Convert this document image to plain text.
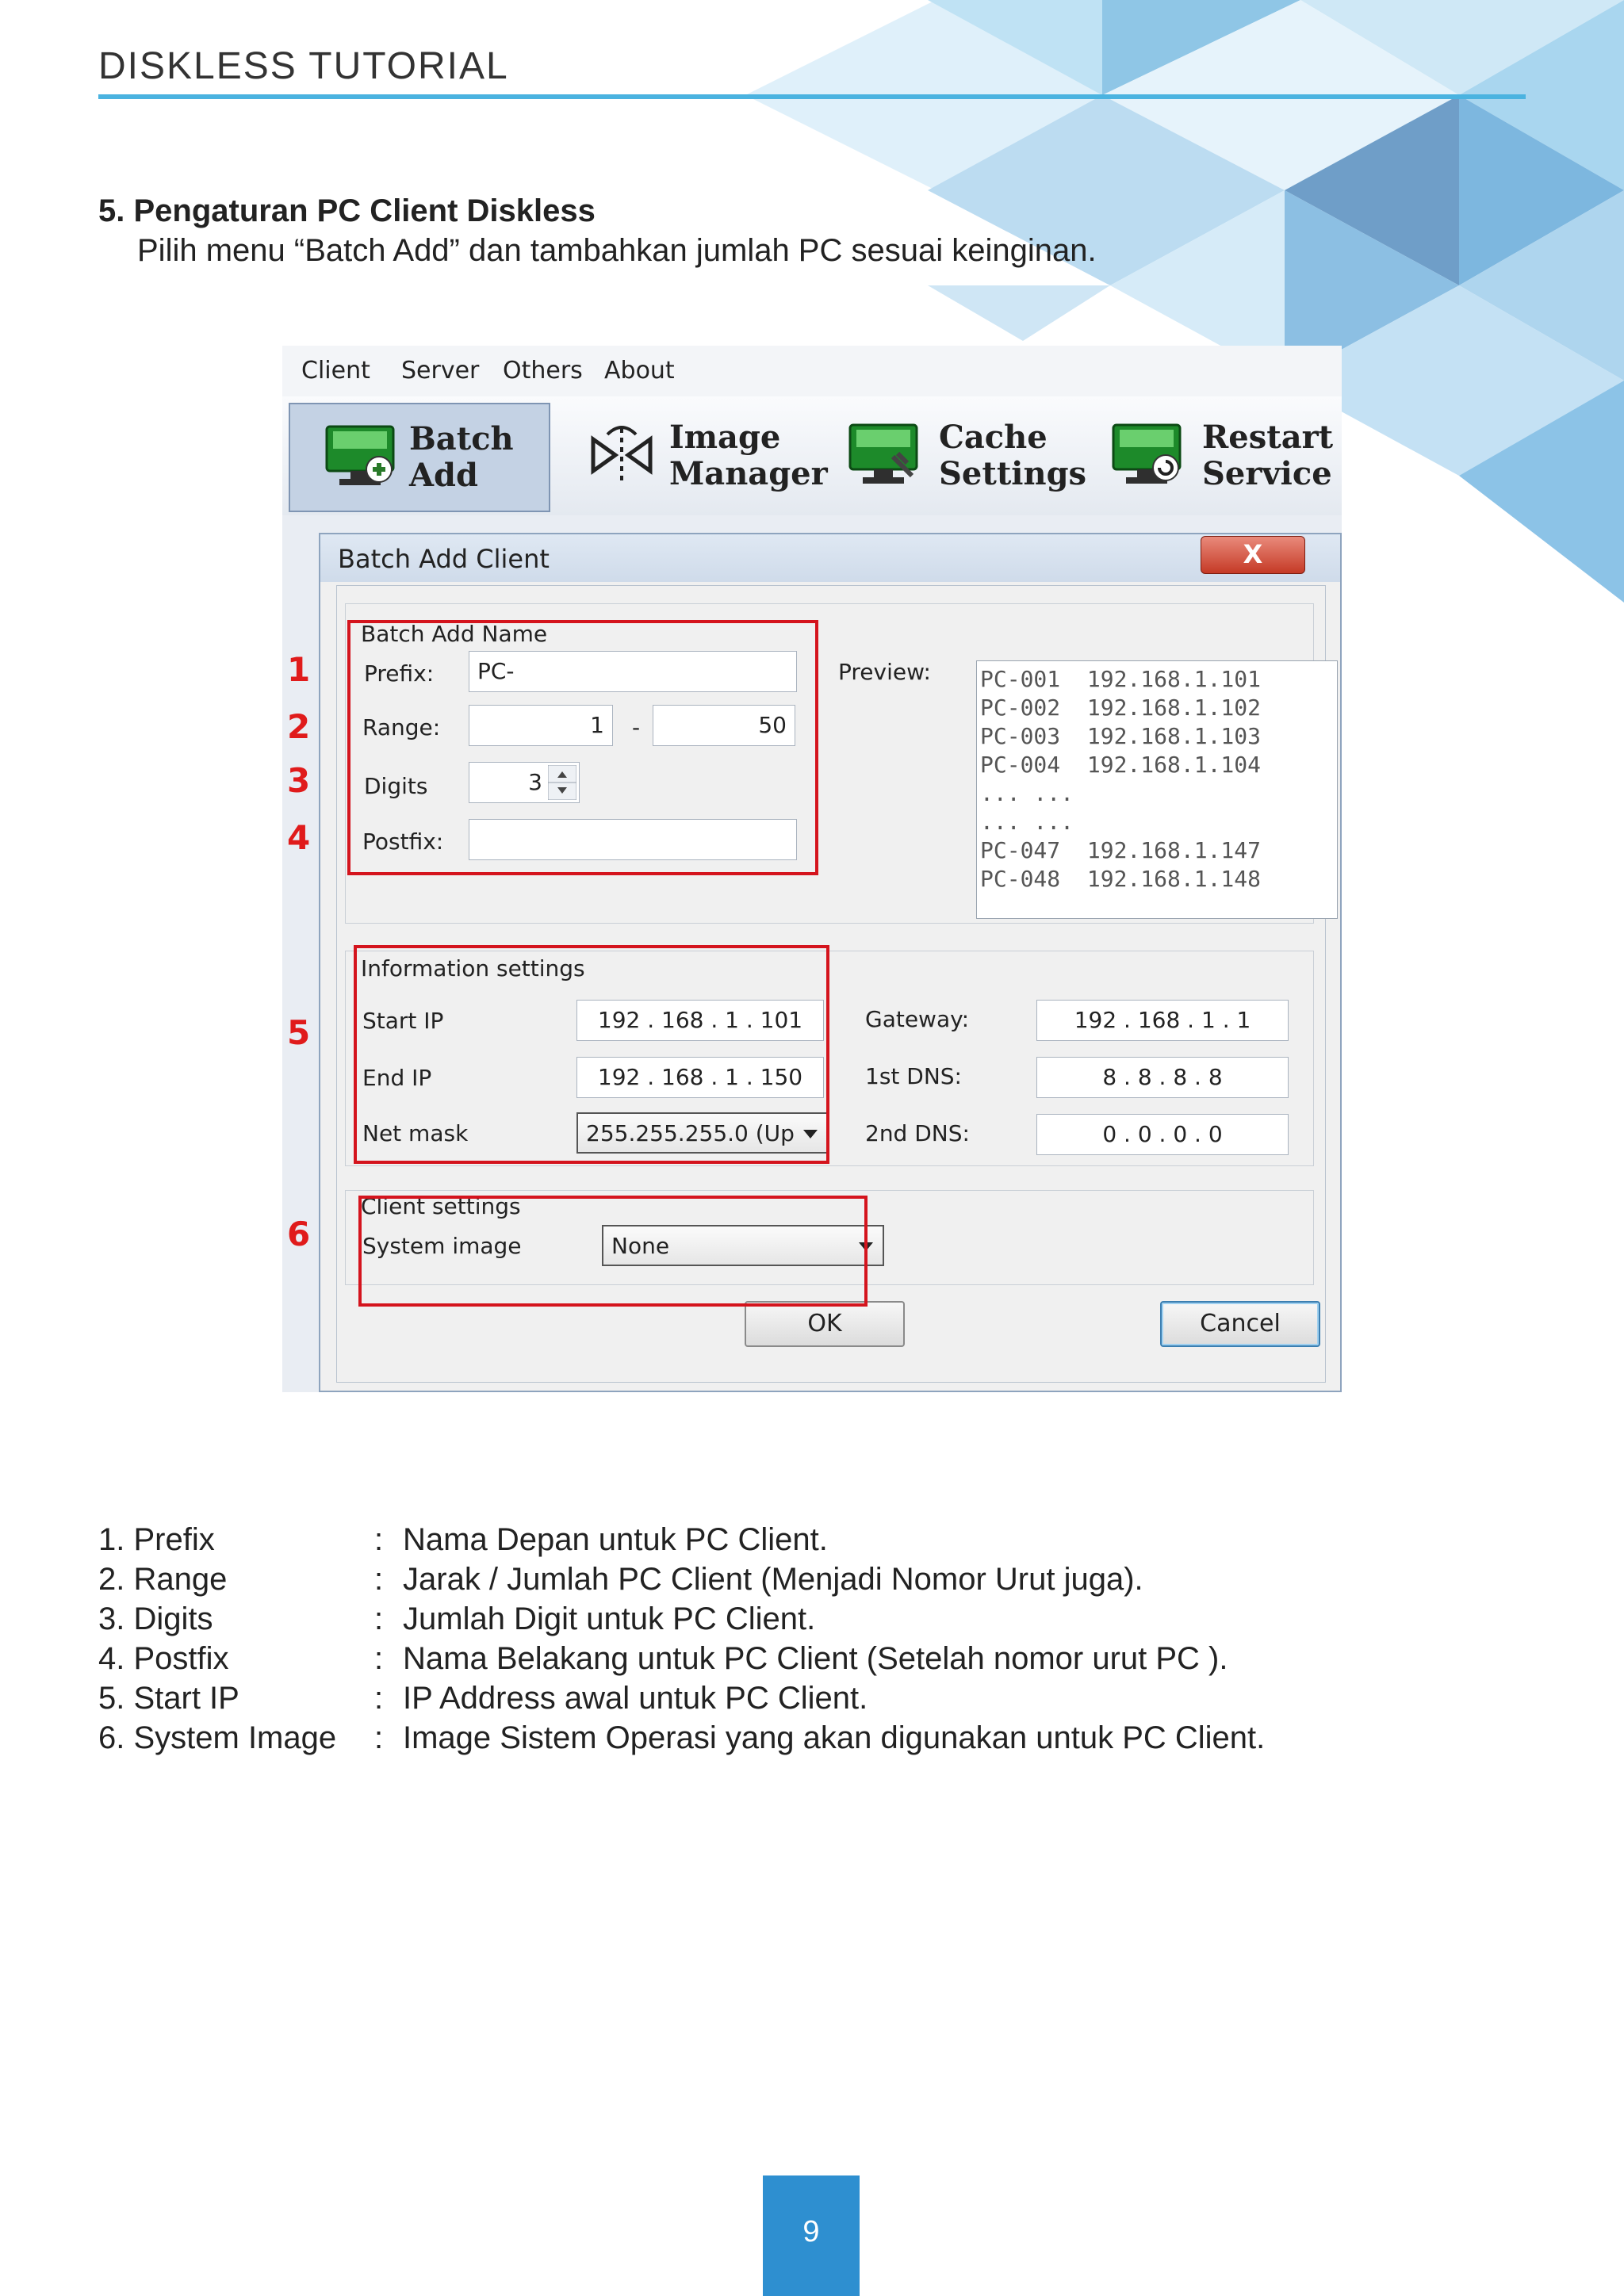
DISKLESS TUTORIAL
5. Pengaturan PC Client Diskless
Pilih menu “Batch Add” dan tambahkan jumlah PC sesuai keinginan.
Client Server Others About
Batch
Add
Image
Manager
Cache
Settings
Restart
Service
1
2
3
4
5
6
Batch Add Client	X
Batch Add Name
Prefix:	PC-
Range:	1	-	50
Digits	3
Postfix:
Preview: PC-001  192.168.1.101
PC-002  192.168.1.102
PC-003  192.168.1.103
PC-004  192.168.1.104
... ...
... ...
PC-047  192.168.1.147
PC-048  192.168.1.148
Information settings
Start IP	192 . 168 . 1 . 101
End IP	192 . 168 . 1 . 150
Net mask	255.255.255.0 (Up
Gateway:	192 . 168 . 1 . 1
1st DNS:	8 . 8 . 8 . 8
2nd DNS:	0 . 0 . 0 . 0
Client settings
System image	None
OK	Cancel
1. Prefix	: Nama Depan untuk PC Client.
2. Range	: Jarak / Jumlah PC Client (Menjadi Nomor Urut juga).
3. Digits	: Jumlah Digit untuk PC Client.
4. Postfix	: Nama Belakang untuk PC Client (Setelah nomor urut PC ).
5. Start IP	: IP Address awal untuk PC Client.
6. System Image : Image Sistem Operasi yang akan digunakan untuk PC Client.
9
